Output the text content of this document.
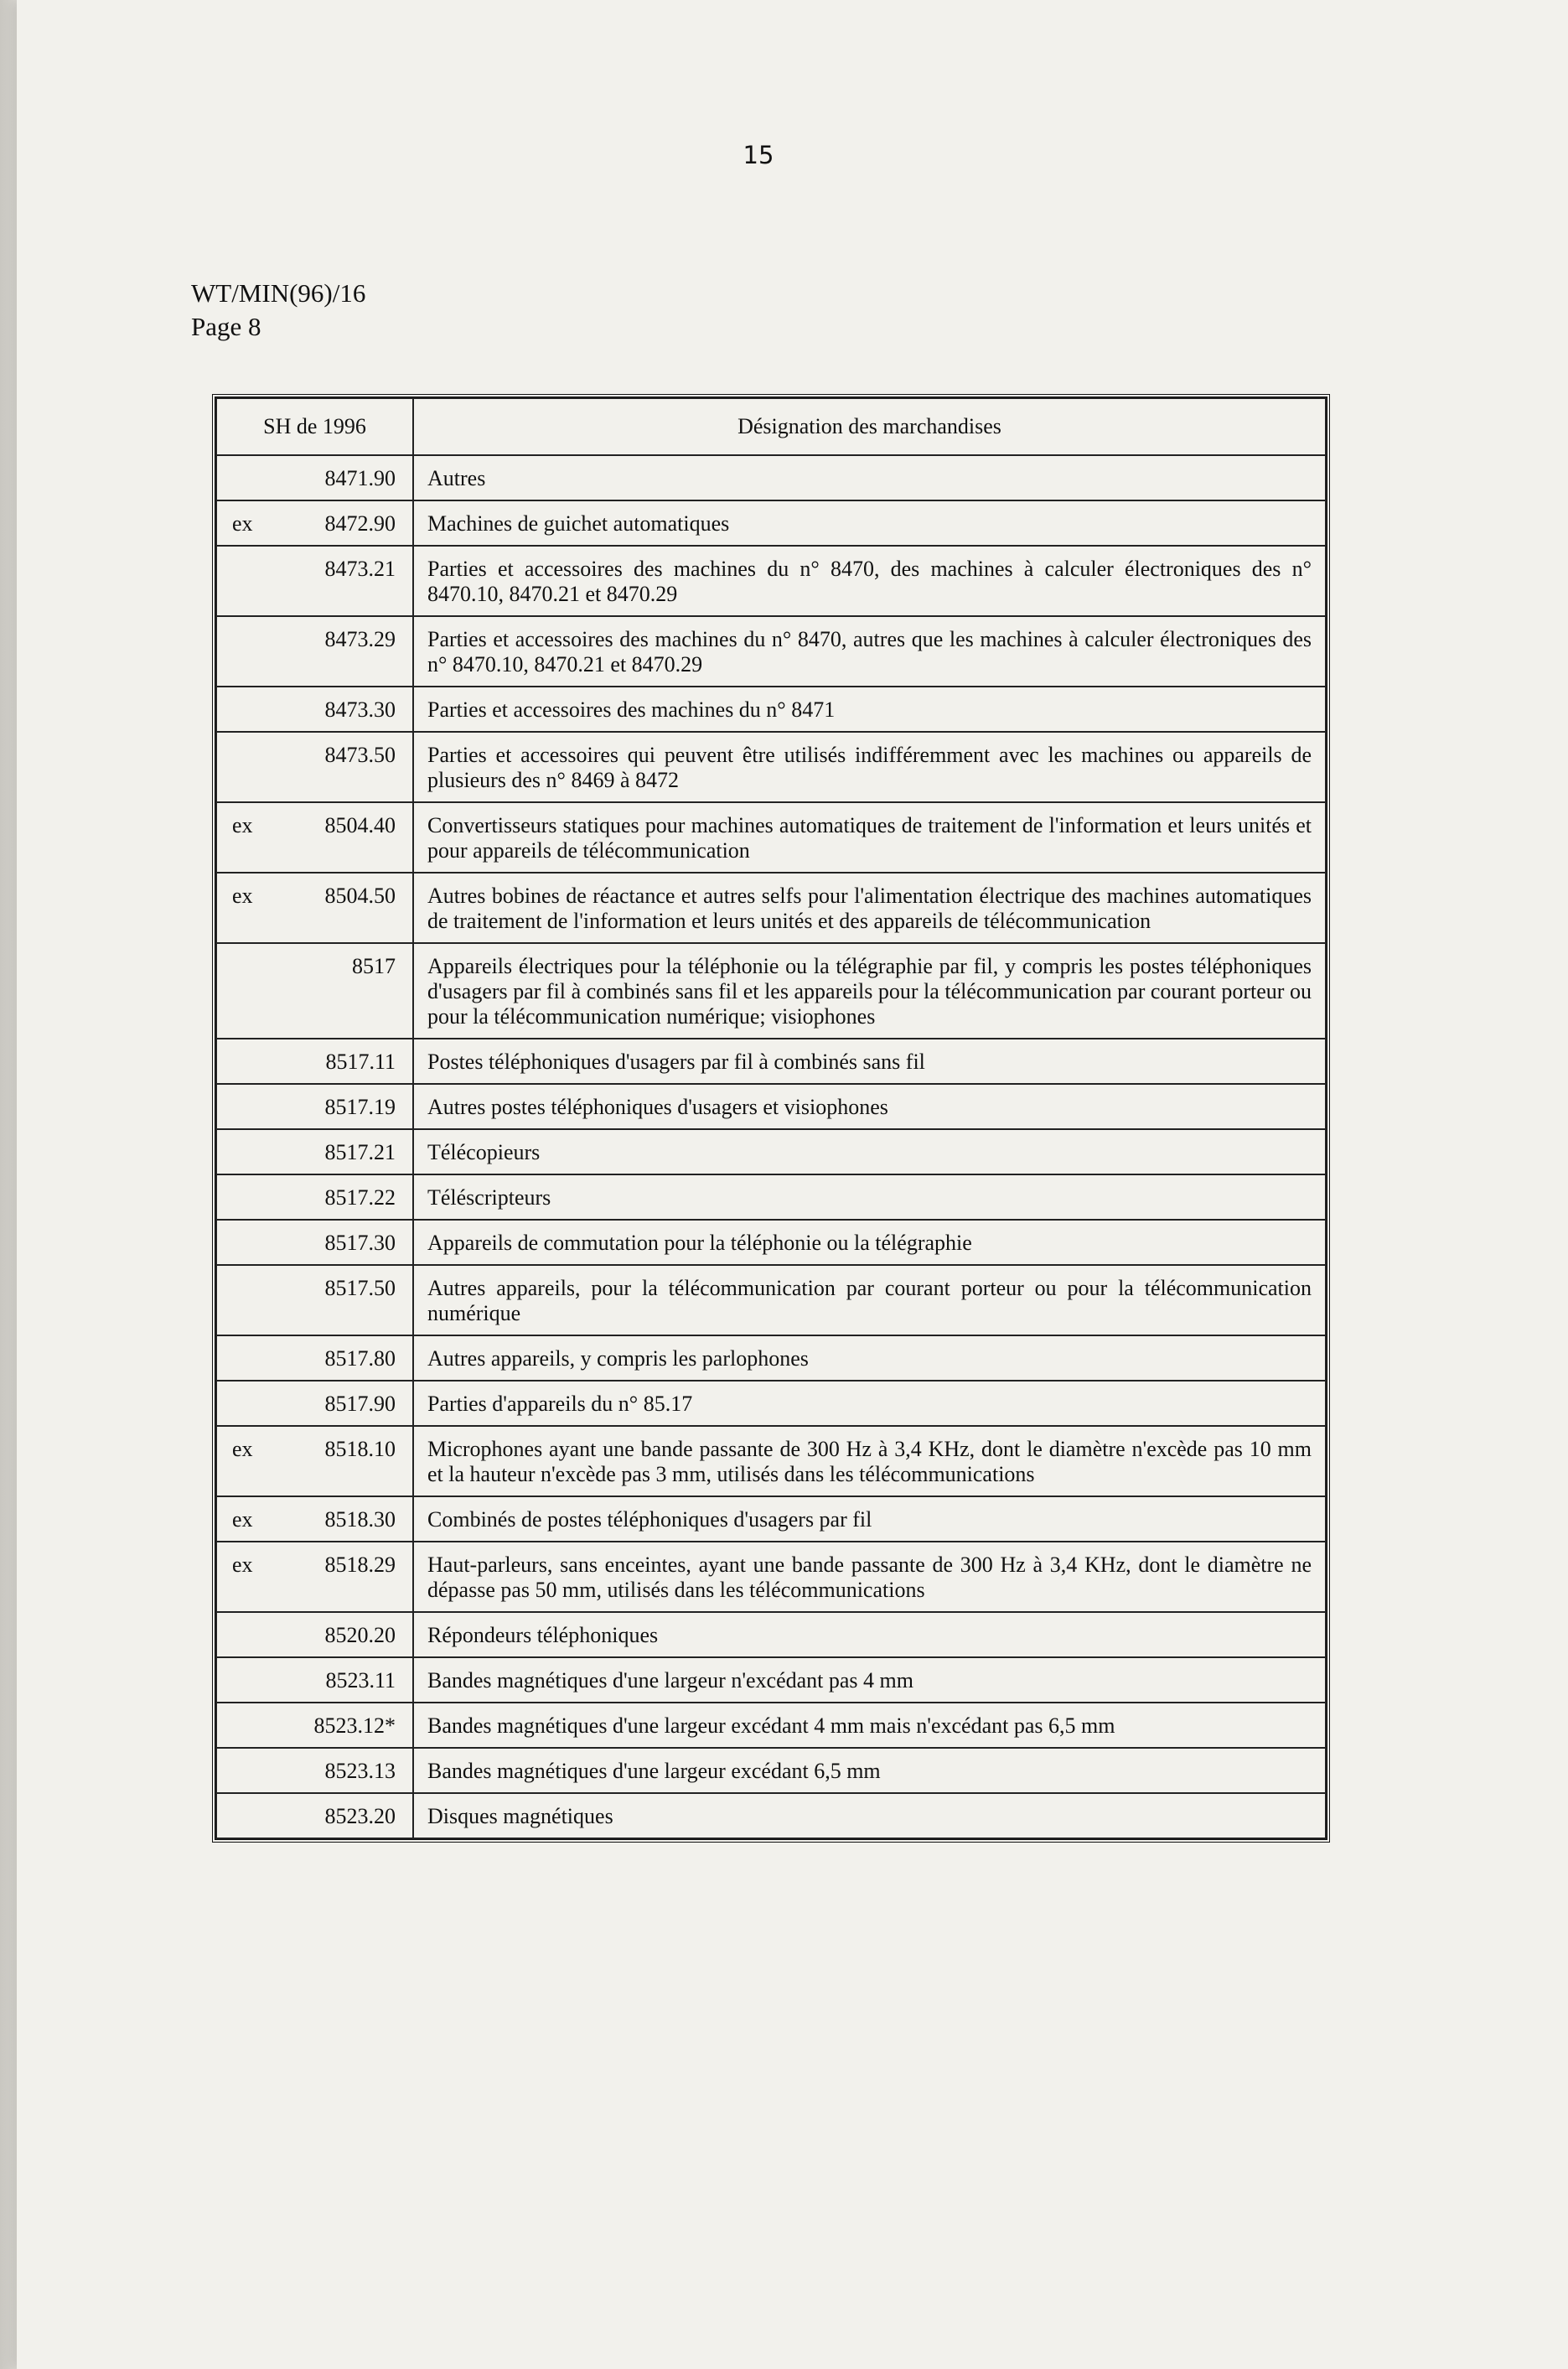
15
WT/MIN(96)/16
Page 8
SH de 1996	Désignation des marchandises

8471.90	Autres

ex 8472.90	Machines de guichet automatiques

8473.21	Parties et accessoires des machines du n° 8470, des machines à calculer électroniques des n° 8470.10, 8470.21 et 8470.29

8473.29	Parties et accessoires des machines du n° 8470, autres que les machines à calculer électroniques des n° 8470.10, 8470.21 et 8470.29

8473.30	Parties et accessoires des machines du n° 8471

8473.50	Parties et accessoires qui peuvent être utilisés indifféremment avec les machines ou appareils de plusieurs des n° 8469 à 8472

ex 8504.40	Convertisseurs statiques pour machines automatiques de traitement de l'information et leurs unités et pour appareils de télécommunication

ex 8504.50	Autres bobines de réactance et autres selfs pour l'alimentation électrique des machines automatiques de traitement de l'information et leurs unités et des appareils de télécommunication

8517	Appareils électriques pour la téléphonie ou la télégraphie par fil, y compris les postes téléphoniques d'usagers par fil à combinés sans fil et les appareils pour la télécommunication par courant porteur ou pour la télécommunication numérique; visiophones

8517.11	Postes téléphoniques d'usagers par fil à combinés sans fil

8517.19	Autres postes téléphoniques d'usagers et visiophones

8517.21	Télécopieurs

8517.22	Téléscripteurs

8517.30	Appareils de commutation pour la téléphonie ou la télégraphie

8517.50	Autres appareils, pour la télécommunication par courant porteur ou pour la télécommunication numérique

8517.80	Autres appareils, y compris les parlophones

8517.90	Parties d'appareils du n° 85.17

ex 8518.10	Microphones ayant une bande passante de 300 Hz à 3,4 KHz, dont le diamètre n'excède pas 10 mm et la hauteur n'excède pas 3 mm, utilisés dans les télécommunications

ex 8518.30	Combinés de postes téléphoniques d'usagers par fil

ex 8518.29	Haut-parleurs, sans enceintes, ayant une bande passante de 300 Hz à 3,4 KHz, dont le diamètre ne dépasse pas 50 mm, utilisés dans les télécommunications

8520.20	Répondeurs téléphoniques

8523.11	Bandes magnétiques d'une largeur n'excédant pas 4 mm

8523.12*	Bandes magnétiques d'une largeur excédant 4 mm mais n'excédant pas 6,5 mm

8523.13	Bandes magnétiques d'une largeur excédant 6,5 mm

8523.20	Disques magnétiques
